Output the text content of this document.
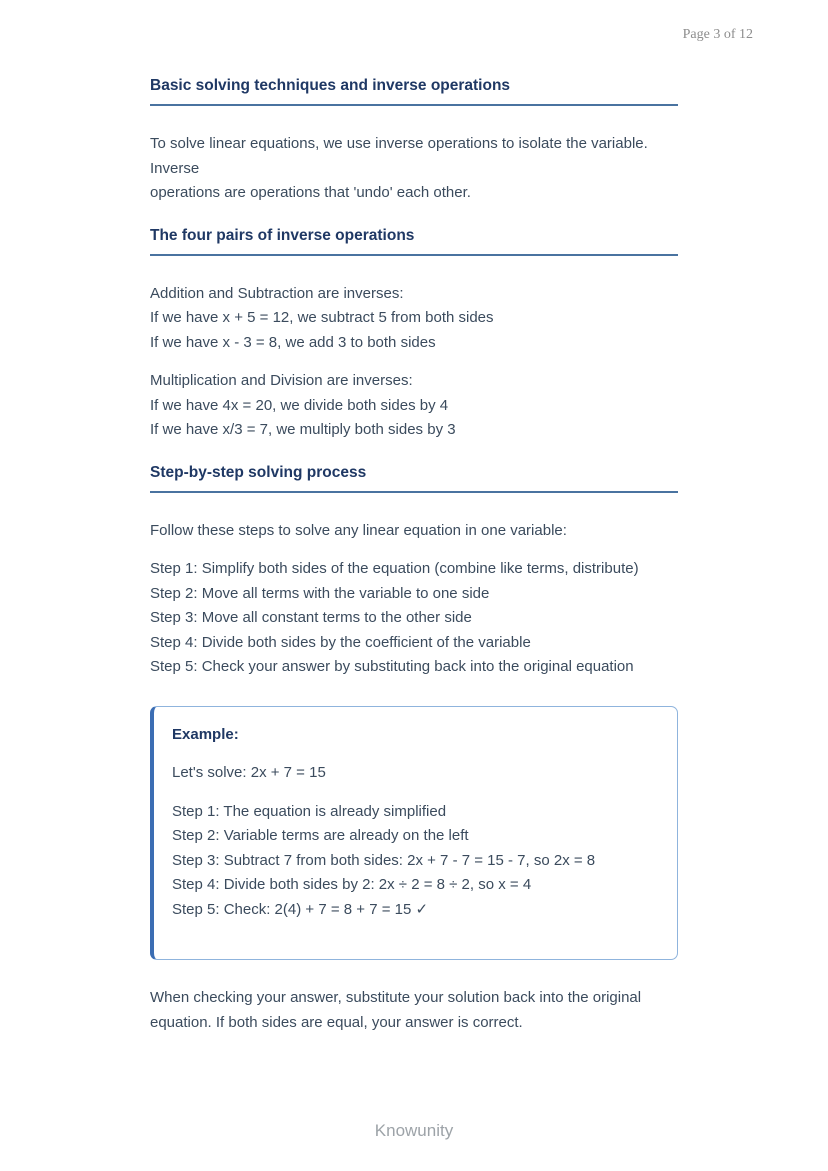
Page 3 of 12
Basic solving techniques and inverse operations
To solve linear equations, we use inverse operations to isolate the variable. Inverse
operations are operations that 'undo' each other.
The four pairs of inverse operations
Addition and Subtraction are inverses:
If we have x + 5 = 12, we subtract 5 from both sides
If we have x - 3 = 8, we add 3 to both sides
Multiplication and Division are inverses:
If we have 4x = 20, we divide both sides by 4
If we have x/3 = 7, we multiply both sides by 3
Step-by-step solving process
Follow these steps to solve any linear equation in one variable:
Step 1: Simplify both sides of the equation (combine like terms, distribute)
Step 2: Move all terms with the variable to one side
Step 3: Move all constant terms to the other side
Step 4: Divide both sides by the coefficient of the variable
Step 5: Check your answer by substituting back into the original equation
Example:
Let's solve: 2x + 7 = 15
Step 1: The equation is already simplified
Step 2: Variable terms are already on the left
Step 3: Subtract 7 from both sides: 2x + 7 - 7 = 15 - 7, so 2x = 8
Step 4: Divide both sides by 2: 2x ÷ 2 = 8 ÷ 2, so x = 4
Step 5: Check: 2(4) + 7 = 8 + 7 = 15 ✓
When checking your answer, substitute your solution back into the original
equation. If both sides are equal, your answer is correct.
Knowunity
